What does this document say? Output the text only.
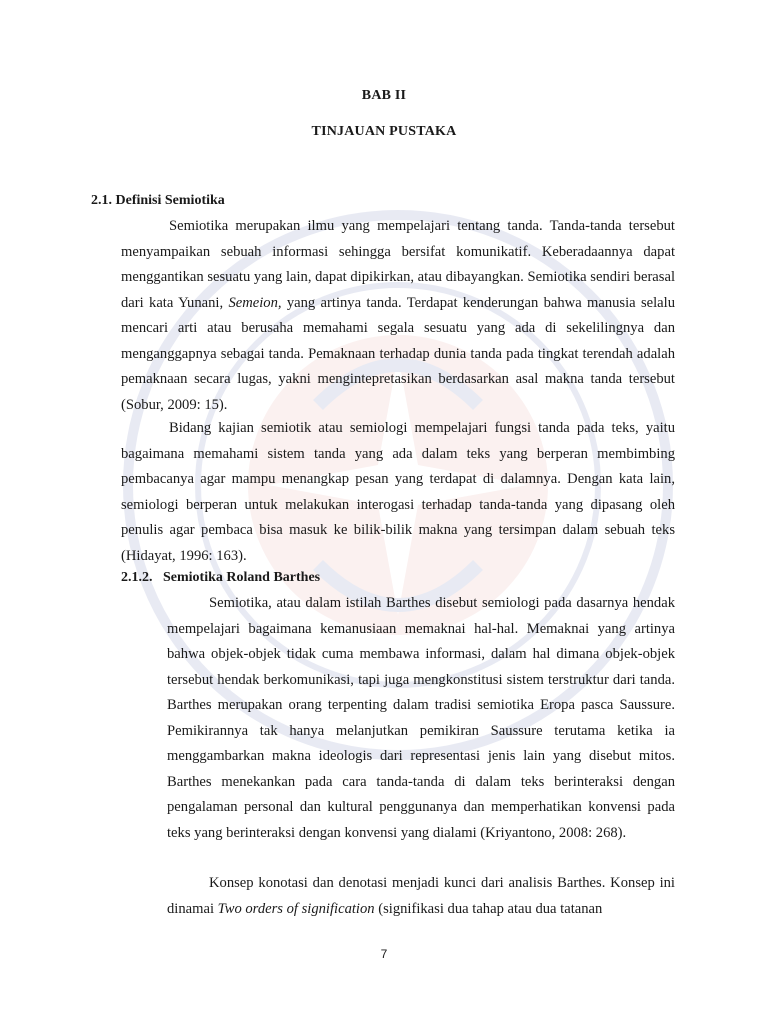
BAB II
TINJAUAN PUSTAKA
2.1. Definisi Semiotika

Semiotika merupakan ilmu yang mempelajari tentang tanda. Tanda-tanda tersebut menyampaikan sebuah informasi sehingga bersifat komunikatif. Keberadaannya dapat menggantikan sesuatu yang lain, dapat dipikirkan, atau dibayangkan. Semiotika sendiri berasal dari kata Yunani, Semeion, yang artinya tanda. Terdapat kenderungan bahwa manusia selalu mencari arti atau berusaha memahami segala sesuatu yang ada di sekelilingnya dan menganggapnya sebagai tanda. Pemaknaan terhadap dunia tanda pada tingkat terendah adalah pemaknaan secara lugas, yakni mengintepretasikan berdasarkan asal makna tanda tersebut (Sobur, 2009: 15).

Bidang kajian semiotik atau semiologi mempelajari fungsi tanda pada teks, yaitu bagaimana memahami sistem tanda yang ada dalam teks yang berperan membimbing pembacanya agar mampu menangkap pesan yang terdapat di dalamnya. Dengan kata lain, semiologi berperan untuk melakukan interogasi terhadap tanda-tanda yang dipasang oleh penulis agar pembaca bisa masuk ke bilik-bilik makna yang tersimpan dalam sebuah teks (Hidayat, 1996: 163).

2.1.2. Semiotika Roland Barthes

Semiotika, atau dalam istilah Barthes disebut semiologi pada dasarnya hendak mempelajari bagaimana kemanusiaan memaknai hal-hal. Memaknai yang artinya bahwa objek-objek tidak cuma membawa informasi, dalam hal dimana objek-objek tersebut hendak berkomunikasi, tapi juga mengkonstitusi sistem terstruktur dari tanda. Barthes merupakan orang terpenting dalam tradisi semiotika Eropa pasca Saussure. Pemikirannya tak hanya melanjutkan pemikiran Saussure terutama ketika ia menggambarkan makna ideologis dari representasi jenis lain yang disebut mitos. Barthes menekankan pada cara tanda-tanda di dalam teks berinteraksi dengan pengalaman personal dan kultural penggunanya dan memperhatikan konvensi pada teks yang berinteraksi dengan konvensi yang dialami (Kriyantono, 2008: 268).

Konsep konotasi dan denotasi menjadi kunci dari analisis Barthes. Konsep ini dinamai Two orders of signification (signifikasi dua tahap atau dua tatanan

7
